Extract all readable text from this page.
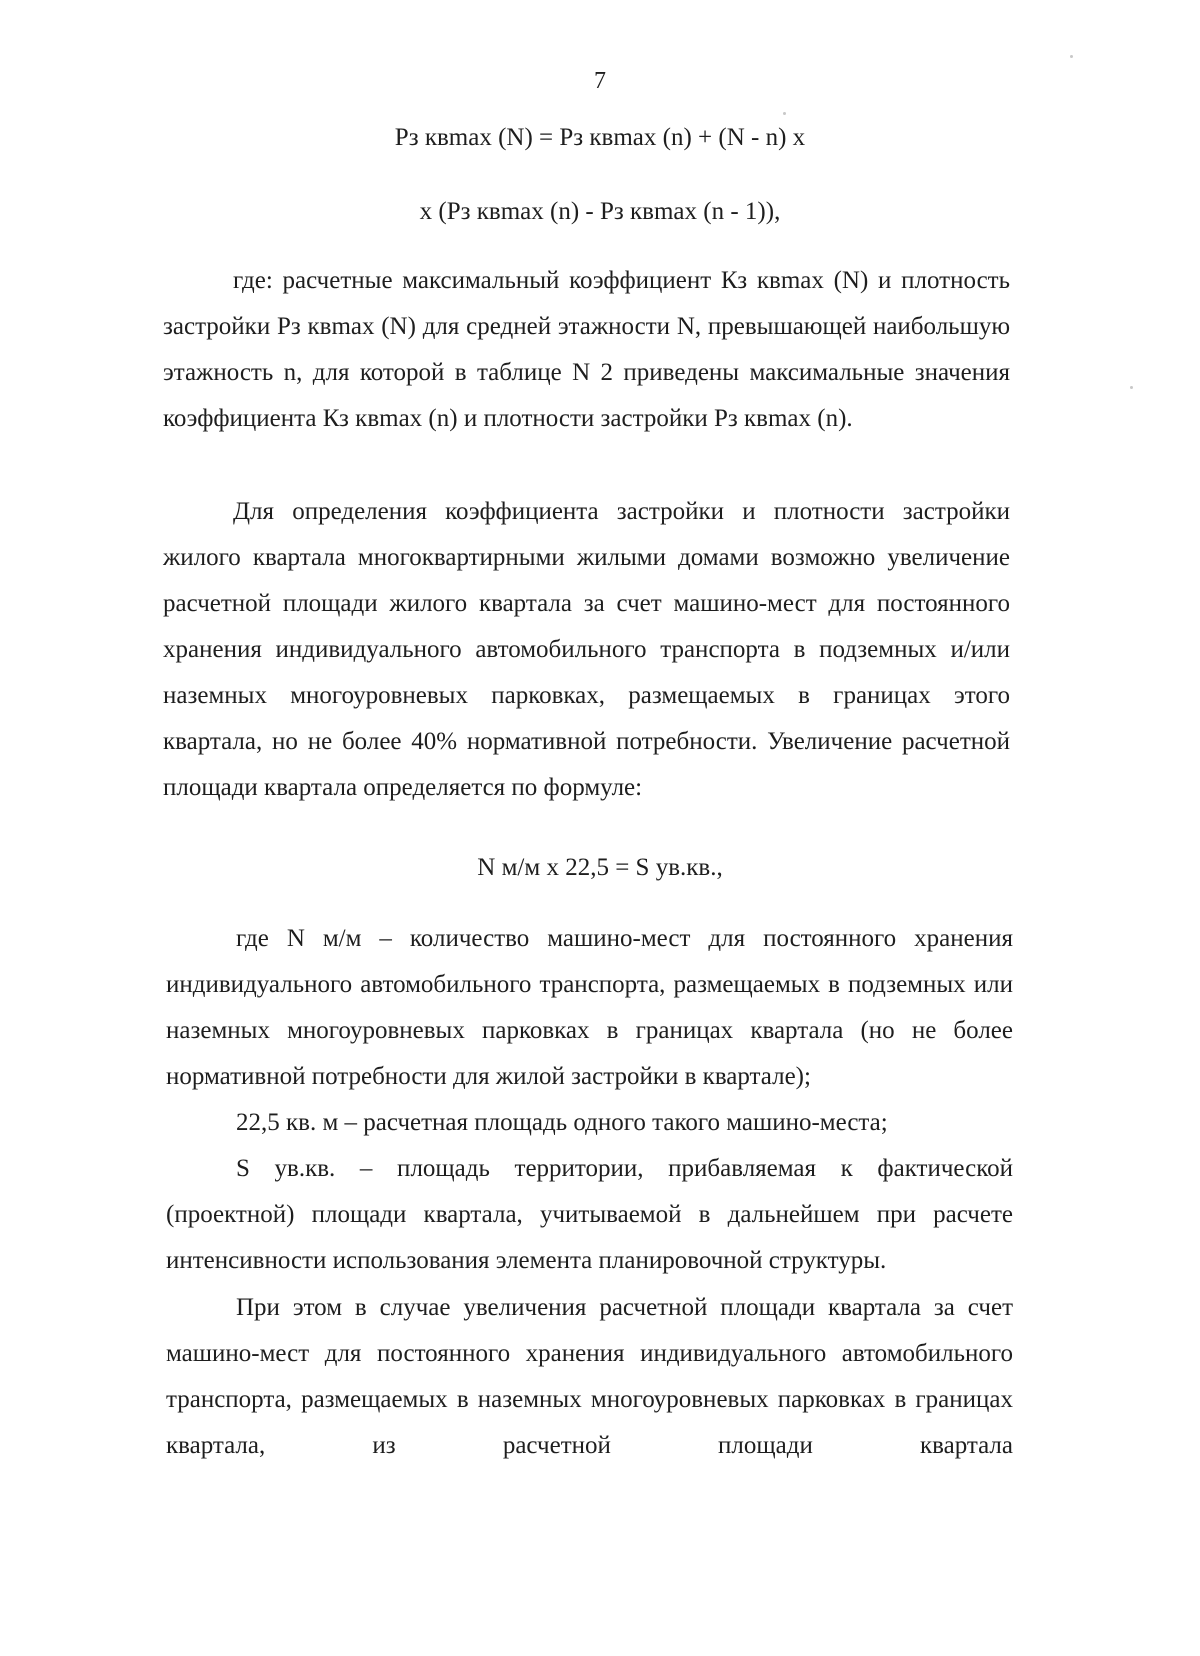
7
Рз квmax (N) = Рз квmax (n) + (N - n) x
x (Рз квmax (n) - Рз квmax (n - 1)),

где: расчетные максимальный коэффициент Кз квmax (N) и плотность застройки Рз квmax (N) для средней этажности N, превышающей наибольшую этажность n, для которой в таблице N 2 приведены максимальные значения коэффициента Кз квmax (n) и плотности застройки Рз квmax (n).

Для определения коэффициента застройки и плотности застройки жилого квартала многоквартирными жилыми домами возможно увеличение расчетной площади жилого квартала за счет машино-мест для постоянного хранения индивидуального автомобильного транспорта в подземных и/или наземных многоуровневых парковках, размещаемых в границах этого квартала, но не более 40% нормативной потребности. Увеличение расчетной площади квартала определяется по формуле:

N м/м x 22,5 = S ув.кв.,

где N м/м – количество машино-мест для постоянного хранения индивидуального автомобильного транспорта, размещаемых в подземных или наземных многоуровневых парковках в границах квартала (но не более нормативной потребности для жилой застройки в квартале);

22,5 кв. м – расчетная площадь одного такого машино-места;

S ув.кв. – площадь территории, прибавляемая к фактической (проектной) площади квартала, учитываемой в дальнейшем при расчете интенсивности использования элемента планировочной структуры.

При этом в случае увеличения расчетной площади квартала за счет машино-мест для постоянного хранения индивидуального автомобильного транспорта, размещаемых в наземных многоуровневых парковках в границах квартала, из расчетной площади квартала
